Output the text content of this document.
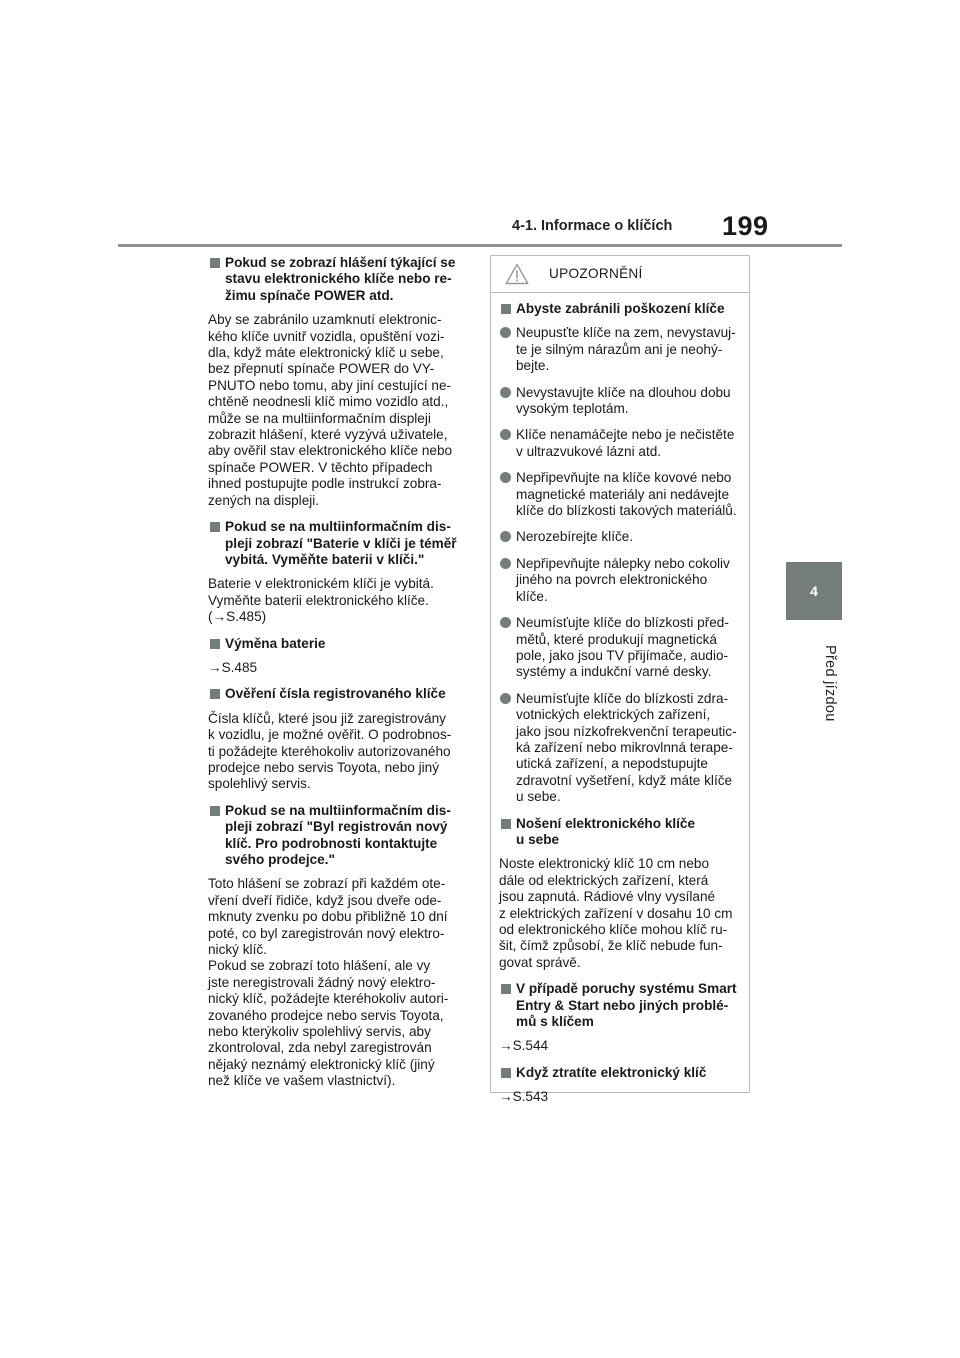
4-1. Informace o klíčích	199
4
Před jízdou
Pokud se zobrazí hlášení týkající se
stavu elektronického klíče nebo re-
žimu spínače POWER atd.
Aby se zabránilo uzamknutí elektronic-
kého klíče uvnitř vozidla, opuštění vozi-
dla, když máte elektronický klíč u sebe,
bez přepnutí spínače POWER do VY-
PNUTO nebo tomu, aby jiní cestující ne-
chtěně neodnesli klíč mimo vozidlo atd.,
může se na multiinformačním displeji
zobrazit hlášení, které vyzývá uživatele,
aby ověřil stav elektronického klíče nebo
spínače POWER. V těchto případech
ihned postupujte podle instrukcí zobra-
zených na displeji.
Pokud se na multiinformačním dis-
pleji zobrazí "Baterie v klíči je téměř
vybitá. Vyměňte baterii v klíči."
Baterie v elektronickém klíči je vybitá.
Vyměňte baterii elektronického klíče.
(→S.485)
Výměna baterie
→S.485
Ověření čísla registrovaného klíče
Čísla klíčů, které jsou již zaregistrovány
k vozidlu, je možné ověřit. O podrobnos-
ti požádejte kteréhokoliv autorizovaného
prodejce nebo servis Toyota, nebo jiný
spolehlivý servis.
Pokud se na multiinformačním dis-
pleji zobrazí "Byl registrován nový
klíč. Pro podrobnosti kontaktujte
svého prodejce."
Toto hlášení se zobrazí při každém ote-
vření dveří řidiče, když jsou dveře ode-
mknuty zvenku po dobu přibližně 10 dní
poté, co byl zaregistrován nový elektro-
nický klíč.
Pokud se zobrazí toto hlášení, ale vy
jste neregistrovali žádný nový elektro-
nický klíč, požádejte kteréhokoliv autori-
zovaného prodejce nebo servis Toyota,
nebo kterýkoliv spolehlivý servis, aby
zkontroloval, zda nebyl zaregistrován
nějaký neznámý elektronický klíč (jiný
než klíče ve vašem vlastnictví).
UPOZORNĚNÍ
Abyste zabránili poškození klíče
Neupusťte klíče na zem, nevystavuj-
te je silným nárazům ani je neohý-
bejte.
Nevystavujte klíče na dlouhou dobu
vysokým teplotám.
Klíče nenamáčejte nebo je nečistěte
v ultrazvukové lázni atd.
Nepřipevňujte na klíče kovové nebo
magnetické materiály ani nedávejte
klíče do blízkosti takových materiálů.
Nerozebírejte klíče.
Nepřipevňujte nálepky nebo cokoliv
jiného na povrch elektronického
klíče.
Neumísťujte klíče do blízkosti před-
mětů, které produkují magnetická
pole, jako jsou TV přijímače, audio-
systémy a indukční varné desky.
Neumísťujte klíče do blízkosti zdra-
votnických elektrických zařízení,
jako jsou nízkofrekvenční terapeutic-
ká zařízení nebo mikrovlnná terape-
utická zařízení, a nepodstupujte
zdravotní vyšetření, když máte klíče
u sebe.
Nošení elektronického klíče
u sebe
Noste elektronický klíč 10 cm nebo
dále od elektrických zařízení, která
jsou zapnutá. Rádiové vlny vysílané
z elektrických zařízení v dosahu 10 cm
od elektronického klíče mohou klíč ru-
šit, čímž způsobí, že klíč nebude fun-
govat správě.
V případě poruchy systému Smart
Entry & Start nebo jiných problé-
mů s klíčem
→S.544
Když ztratíte elektronický klíč
→S.543
